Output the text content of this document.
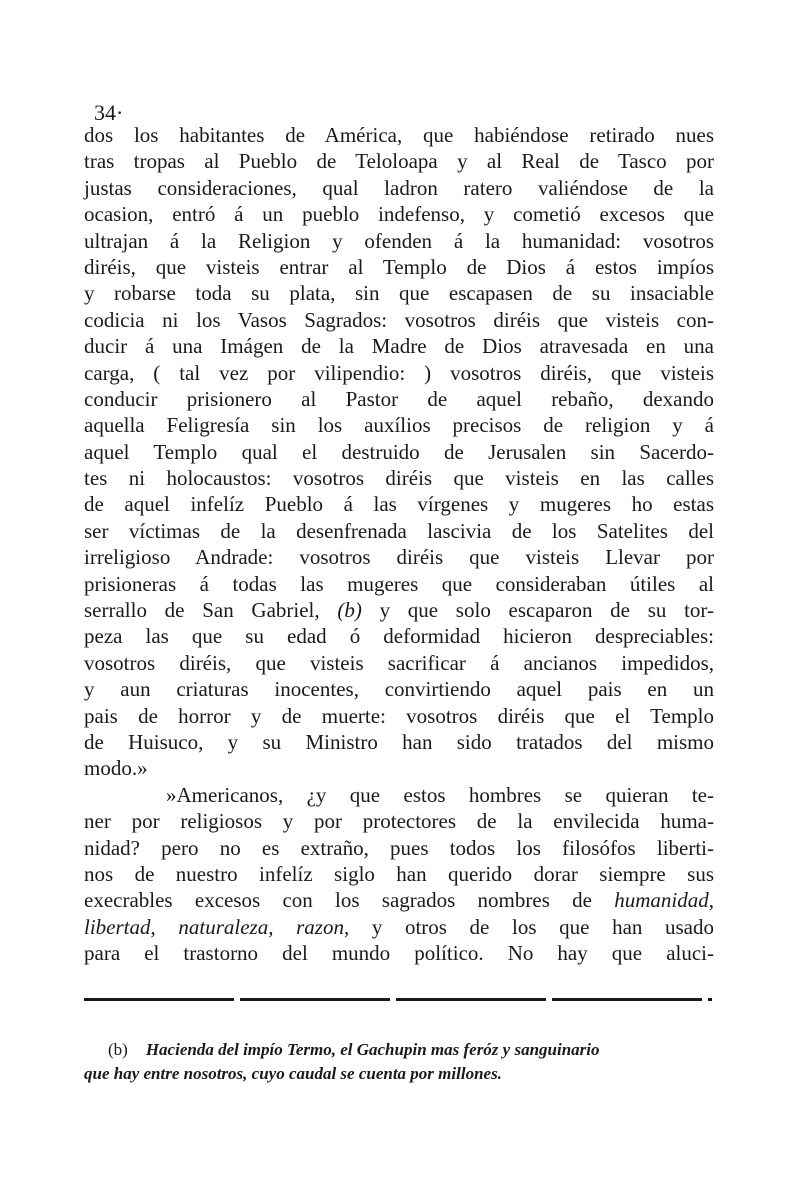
34·
dos los habitantes de América, que habiéndose retirado nues
tras tropas al Pueblo de Teloloapa y al Real de Tasco por
justas consideraciones, qual ladron ratero valiéndose de la
ocasion, entró á un pueblo indefenso, y cometió excesos que
ultrajan á la Religion y ofenden á la humanidad: vosotros
diréis, que visteis entrar al Templo de Dios á estos impíos
y robarse toda su plata, sin que escapasen de su insaciable
codicia ni los Vasos Sagrados: vosotros diréis que visteis con-
ducir á una Imágen de la Madre de Dios atravesada en una
carga, ( tal vez por vilipendio: ) vosotros diréis, que visteis
conducir prisionero al Pastor de aquel rebaño, dexando
aquella Feligresía sin los auxílios precisos de religion y á
aquel Templo qual el destruido de Jerusalen sin Sacerdo-
tes ni holocaustos: vosotros diréis que visteis en las calles
de aquel infelíz Pueblo á las vírgenes y mugeres ho estas
ser víctimas de la desenfrenada lascivia de los Satelites del
irreligioso Andrade: vosotros diréis que visteis Llevar por
prisioneras á todas las mugeres que consideraban útiles al
serrallo de San Gabriel, (b) y que solo escaparon de su tor-
peza las que su edad ó deformidad hicieron despreciables:
vosotros diréis, que visteis sacrificar á ancianos impedidos,
y aun criaturas inocentes, convirtiendo aquel pais en un
pais de horror y de muerte: vosotros diréis que el Templo
de Huisuco, y su Ministro han sido tratados del mismo
modo.»
»Americanos, ¿y que estos hombres se quieran te-
ner por religiosos y por protectores de la envilecida huma-
nidad? pero no es extraño, pues todos los filosófos liberti-
nos de nuestro infelíz siglo han querido dorar siempre sus
execrables excesos con los sagrados nombres de humanidad,
libertad, naturaleza, razon, y otros de los que han usado
para el trastorno del mundo político. No hay que aluci-
(b) Hacienda del impío Termo, el Gachupin mas feróz y sanguinario
que hay entre nosotros, cuyo caudal se cuenta por millones.
